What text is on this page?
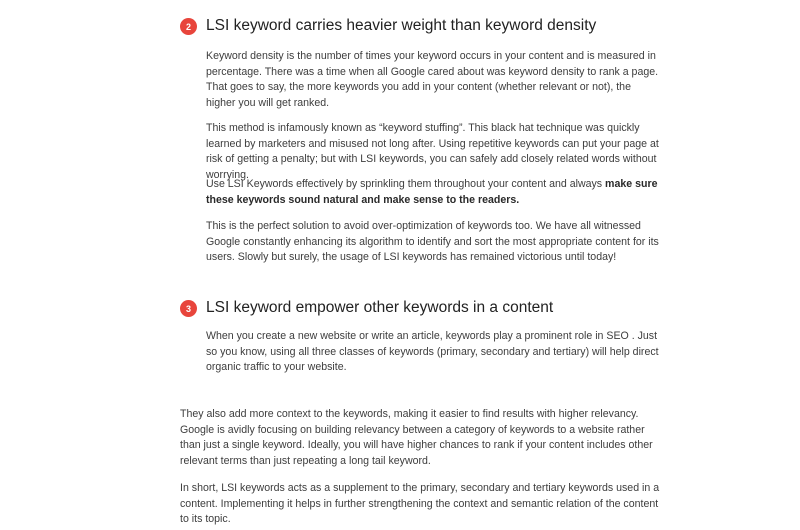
2 LSI keyword carries heavier weight than keyword density

Keyword density is the number of times your keyword occurs in your content and is measured in percentage. There was a time when all Google cared about was keyword density to rank a page. That goes to say, the more keywords you add in your content (whether relevant or not), the higher you will get ranked.

This method is infamously known as “keyword stuffing”. This black hat technique was quickly learned by marketers and misused not long after. Using repetitive keywords can put your page at risk of getting a penalty; but with LSI keywords, you can safely add closely related words without worrying.

Use LSI Keywords effectively by sprinkling them throughout your content and always make sure these keywords sound natural and make sense to the readers.

This is the perfect solution to avoid over-optimization of keywords too. We have all witnessed Google constantly enhancing its algorithm to identify and sort the most appropriate content for its users. Slowly but surely, the usage of LSI keywords has remained victorious until today!

3 LSI keyword empower other keywords in a content

When you create a new website or write an article, keywords play a prominent role in SEO . Just so you know, using all three classes of keywords (primary, secondary and tertiary) will help direct organic traffic to your website.

They also add more context to the keywords, making it easier to find results with higher relevancy. Google is avidly focusing on building relevancy between a category of keywords to a website rather than just a single keyword. Ideally, you will have higher chances to rank if your content includes other relevant terms than just repeating a long tail keyword.

In short, LSI keywords acts as a supplement to the primary, secondary and tertiary keywords used in a content. Implementing it helps in further strengthening the context and semantic relation of the content to its topic.
